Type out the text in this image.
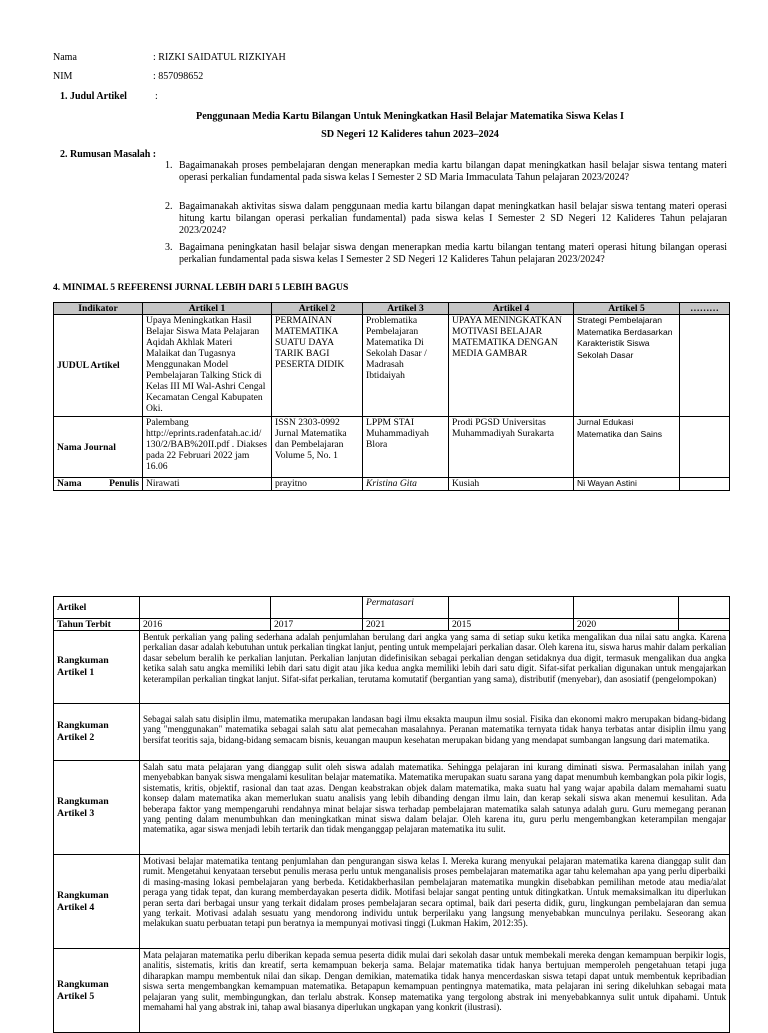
Nama	: RIZKI SAIDATUL RIZKIYAH
NIM	: 857098652
1. Judul Artikel	:
Penggunaan Media Kartu Bilangan Untuk Meningkatkan Hasil Belajar Matematika Siswa Kelas I
SD Negeri 12 Kalideres tahun 2023–2024
2. Rumusan Masalah :
1. Bagaimanakah proses pembelajaran dengan menerapkan media kartu bilangan dapat meningkatkan hasil belajar siswa tentang materi operasi perkalian fundamental pada siswa kelas I Semester 2 SD Maria Immaculata Tahun pelajaran 2023/2024?
2. Bagaimanakah aktivitas siswa dalam penggunaan media kartu bilangan dapat meningkatkan hasil belajar siswa tentang materi operasi hitung kartu bilangan operasi perkalian fundamental) pada siswa kelas I Semester 2 SD Negeri 12 Kalideres Tahun pelajaran 2023/2024?
3. Bagaimana peningkatan hasil belajar siswa dengan menerapkan media kartu bilangan tentang materi operasi hitung bilangan operasi perkalian fundamental pada siswa kelas I Semester 2 SD Negeri 12 Kalideres Tahun pelajaran 2023/2024?
4. MINIMAL 5 REFERENSI JURNAL LEBIH DARI 5 LEBIH BAGUS
Indikator	Artikel 1	Artikel 2	Artikel 3	Artikel 4	Artikel 5	………
JUDUL Artikel	Upaya Meningkatkan Hasil Belajar Siswa Mata Pelajaran Aqidah Akhlak Materi Malaikat dan Tugasnya Menggunakan Model Pembelajaran Talking Stick di Kelas III MI Wal-Ashri Cengal Kecamatan Cengal Kabupaten Oki.	PERMAINAN MATEMATIKA SUATU DAYA TARIK BAGI PESERTA DIDIK	Problematika Pembelajaran Matematika Di Sekolah Dasar / Madrasah Ibtidaiyah	UPAYA MENINGKATKAN MOTIVASI BELAJAR MATEMATIKA DENGAN MEDIA GAMBAR	Strategi Pembelajaran Matematika Berdasarkan Karakteristik Siswa Sekolah Dasar	
Nama Journal	Palembang http://eprints.radenfatah.ac.id/ 130/2/BAB%20II.pdf . Diakses pada 22 Februari 2022 jam 16.06	ISSN 2303-0992 Jurnal Matematika dan Pembelajaran Volume 5, No. 1	LPPM STAI Muhammadiyah Blora	Prodi PGSD Universitas Muhammadiyah Surakarta	Jurnal Edukasi Matematika dan Sains	
Nama Penulis	Nirawati	prayitno	Kristina Gita	Kusiah	Ni Wayan Astini	
Artikel			Permatasari			
Tahun Terbit	2016	2017	2021	2015	2020	
Rangkuman Artikel 1	Bentuk perkalian yang paling sederhana adalah penjumlahan berulang dari angka yang sama di setiap suku ketika mengalikan dua nilai satu angka. Karena perkalian dasar adalah kebutuhan untuk perkalian tingkat lanjut, penting untuk mempelajari perkalian dasar. Oleh karena itu, siswa harus mahir dalam perkalian dasar sebelum beralih ke perkalian lanjutan. Perkalian lanjutan didefinisikan sebagai perkalian dengan setidaknya dua digit, termasuk mengalikan dua angka ketika salah satu angka memiliki lebih dari satu digit atau jika kedua angka memiliki lebih dari satu digit. Sifat-sifat perkalian digunakan untuk mengajarkan keterampilan perkalian tingkat lanjut. Sifat-sifat perkalian, terutama komutatif (bergantian yang sama), distributif (menyebar), dan asosiatif (pengelompokan)					
Rangkuman Artikel 2	Sebagai salah satu disiplin ilmu, matematika merupakan landasan bagi ilmu eksakta maupun ilmu sosial. Fisika dan ekonomi makro merupakan bidang-bidang yang "menggunakan" matematika sebagai salah satu alat pemecahan masalahnya. Peranan matematika ternyata tidak hanya terbatas antar disiplin ilmu yang bersifat teoritis saja, bidang-bidang semacam bisnis, keuangan maupun kesehatan merupakan bidang yang mendapat sumbangan langsung dari matematika.					
Rangkuman Artikel 3	Salah satu mata pelajaran yang dianggap sulit oleh siswa adalah matematika. Sehingga pelajaran ini kurang diminati siswa. Permasalahan inilah yang menyebabkan banyak siswa mengalami kesulitan belajar matematika. Matematika merupakan suatu sarana yang dapat menumbuh kembangkan pola pikir logis, sistematis, kritis, objektif, rasional dan taat azas. Dengan keabstrakan objek dalam matematika, maka suatu hal yang wajar apabila dalam memahami suatu konsep dalam matematika akan memerlukan suatu analisis yang lebih dibanding dengan ilmu lain, dan kerap sekali siswa akan menemui kesulitan. Ada beberapa faktor yang mempengaruhi rendahnya minat belajar siswa terhadap pembelajaran matematika salah satunya adalah guru. Guru memegang peranan yang penting dalam menumbuhkan dan meningkatkan minat siswa dalam belajar. Oleh karena itu, guru perlu mengembangkan keterampilan mengajar matematika, agar siswa menjadi lebih tertarik dan tidak menganggap pelajaran matematika itu sulit.					
Rangkuman Artikel 4	Motivasi belajar matematika tentang penjumlahan dan pengurangan siswa kelas I. Mereka kurang menyukai pelajaran matematika karena dianggap sulit dan rumit. Mengetahui kenyataan tersebut penulis merasa perlu untuk menganalisis proses pembelajaran matematika agar tahu kelemahan apa yang perlu diperbaiki di masing-masing lokasi pembelajaran yang berbeda. Ketidakberhasilan pembelajaran matematika mungkin disebabkan pemilihan metode atau media/alat peraga yang tidak tepat, dan kurang memberdayakan peserta didik. Motifasi belajar sangat penting untuk ditingkatkan. Untuk memaksimalkan itu diperlukan peran serta dari berbagai unsur yang terkait didalam proses pembelajaran secara optimal, baik dari peserta didik, guru, lingkungan pembelajaran dan semua yang terkait. Motivasi adalah sesuatu yang mendorong individu untuk berperilaku yang langsung menyebabkan munculnya perilaku. Seseorang akan melakukan suatu perbuatan tetapi pun beratnya ia mempunyai motivasi tinggi (Lukman Hakim, 2012:35).					
Rangkuman Artikel 5	Mata pelajaran matematika perlu diberikan kepada semua peserta didik mulai dari sekolah dasar untuk membekali mereka dengan kemampuan berpikir logis, analitis, sistematis, kritis dan kreatif, serta kemampuan bekerja sama. Belajar matematika tidak hanya bertujuan memperoleh pengetahuan tetapi juga diharapkan mampu membentuk nilai dan sikap. Dengan demikian, matematika tidak hanya mencerdaskan siswa tetapi dapat untuk membentuk kepribadian siswa serta mengembangkan kemampuan matematika. Betapapun kemampuan pentingnya matematika, mata pelajaran ini sering dikeluhkan sebagai mata pelajaran yang sulit, membingungkan, dan terlalu abstrak. Konsep matematika yang tergolong abstrak ini menyebabkannya sulit untuk dipahami. Untuk memahami hal yang abstrak ini, tahap awal biasanya diperlukan ungkapan yang konkrit (ilustrasi).					
